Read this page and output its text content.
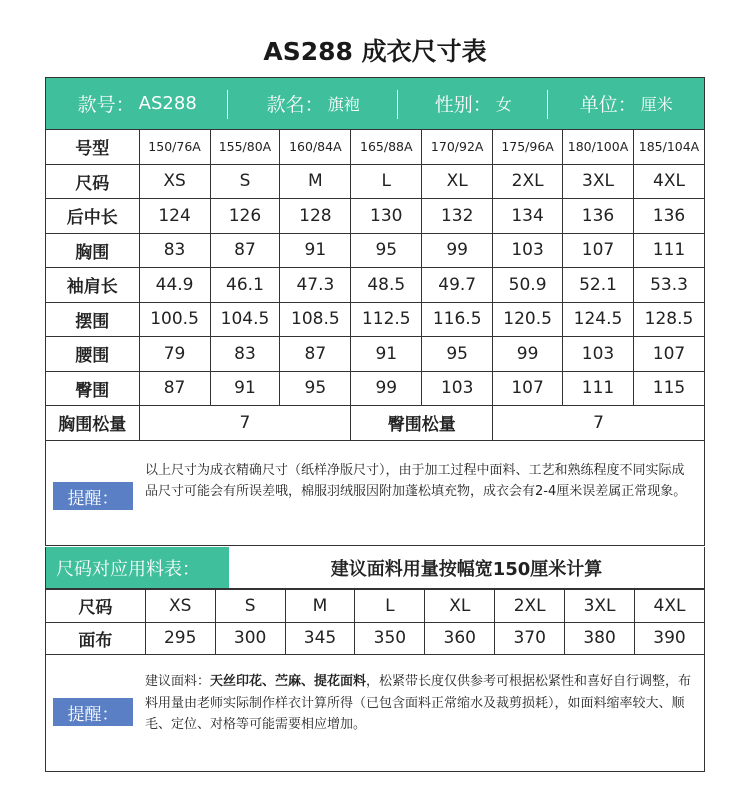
AS288 成衣尺寸表
款号： AS288	款名： 旗袍	性别： 女	单位： 厘米
号型	150/76A	155/80A	160/84A	165/88A	170/92A	175/96A	180/100A	185/104A
尺码	XS	S	M	L	XL	2XL	3XL	4XL
后中长	124	126	128	130	132	134	136	136
胸围	83	87	91	95	99	103	107	111
袖肩长	44.9	46.1	47.3	48.5	49.7	50.9	52.1	53.3
摆围	100.5	104.5	108.5	112.5	116.5	120.5	124.5	128.5
腰围	79	83	87	91	95	99	103	107
臀围	87	91	95	99	103	107	111	115
胸围松量	7			臀围松量		7		
提醒：
以上尺寸为成衣精确尺寸（纸样净版尺寸），由于加工过程中面料、工艺和熟练程度不同实际成品尺寸可能会有所误差哦，棉服羽绒服因附加蓬松填充物，成衣会有2-4厘米误差属正常现象。
尺码对应用料表：	建议面料用量按幅宽150厘米计算
尺码	XS	S	M	L	XL	2XL	3XL	4XL
面布	295	300	345	350	360	370	380	390
提醒：
建议面料：天丝印花、苎麻、提花面料，松紧带长度仅供参考可根据松紧性和喜好自行调整，布料用量由老师实际制作样衣计算所得（已包含面料正常缩水及裁剪损耗），如面料缩率较大、顺毛、定位、对格等可能需要相应增加。
